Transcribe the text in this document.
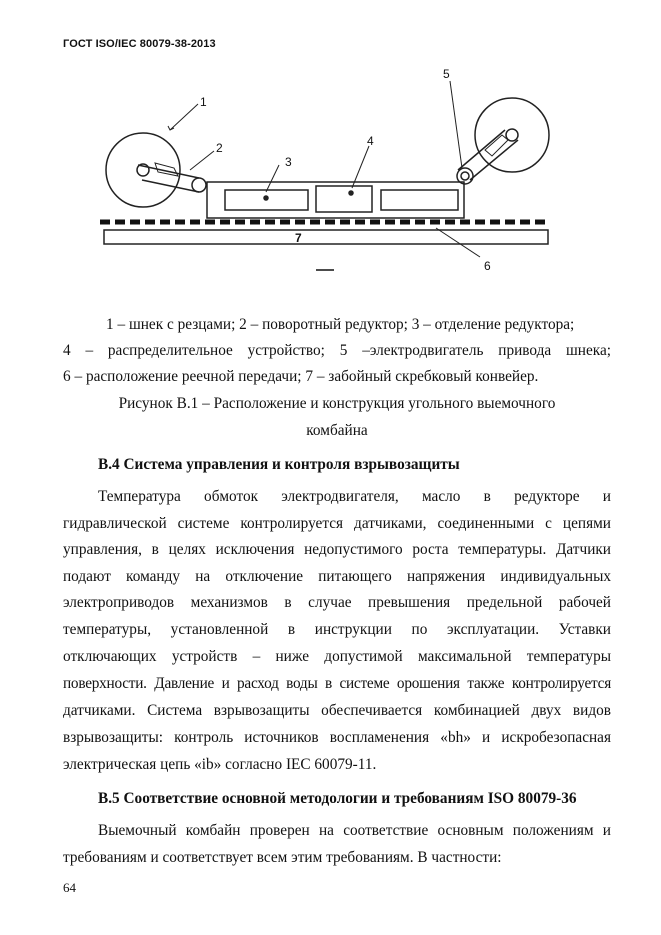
ГОСТ ISO/IEC 80079-38-2013
1
2
3
4
5
6
7
1 – шнек с резцами; 2 – поворотный редуктор; 3 – отделение редуктора;
4 – распределительное устройство; 5 –электродвигатель привода шнека;
6 – расположение реечной передачи; 7 – забойный скребковый конвейер.
Рисунок В.1 – Расположение и конструкция угольного выемочного
комбайна
В.4 Система управления и контроля взрывозащиты
Температура обмоток электродвигателя, масло в редукторе и
гидравлической системе контролируется датчиками, соединенными с цепями
управления, в целях исключения недопустимого роста температуры. Датчики
подают команду на отключение питающего напряжения индивидуальных
электроприводов механизмов в случае превышения предельной рабочей
температуры, установленной в инструкции по эксплуатации. Уставки
отключающих устройств – ниже допустимой максимальной температуры
поверхности. Давление и расход воды в системе орошения также контролируется
датчиками. Система взрывозащиты обеспечивается комбинацией двух видов
взрывозащиты: контроль источников воспламенения «bh» и искробезопасная
электрическая цепь «ib» согласно IEC 60079-11.
В.5 Соответствие основной методологии и требованиям ISO 80079-36
Выемочный комбайн проверен на соответствие основным положениям и
требованиям и соответствует всем этим требованиям. В частности:
64
